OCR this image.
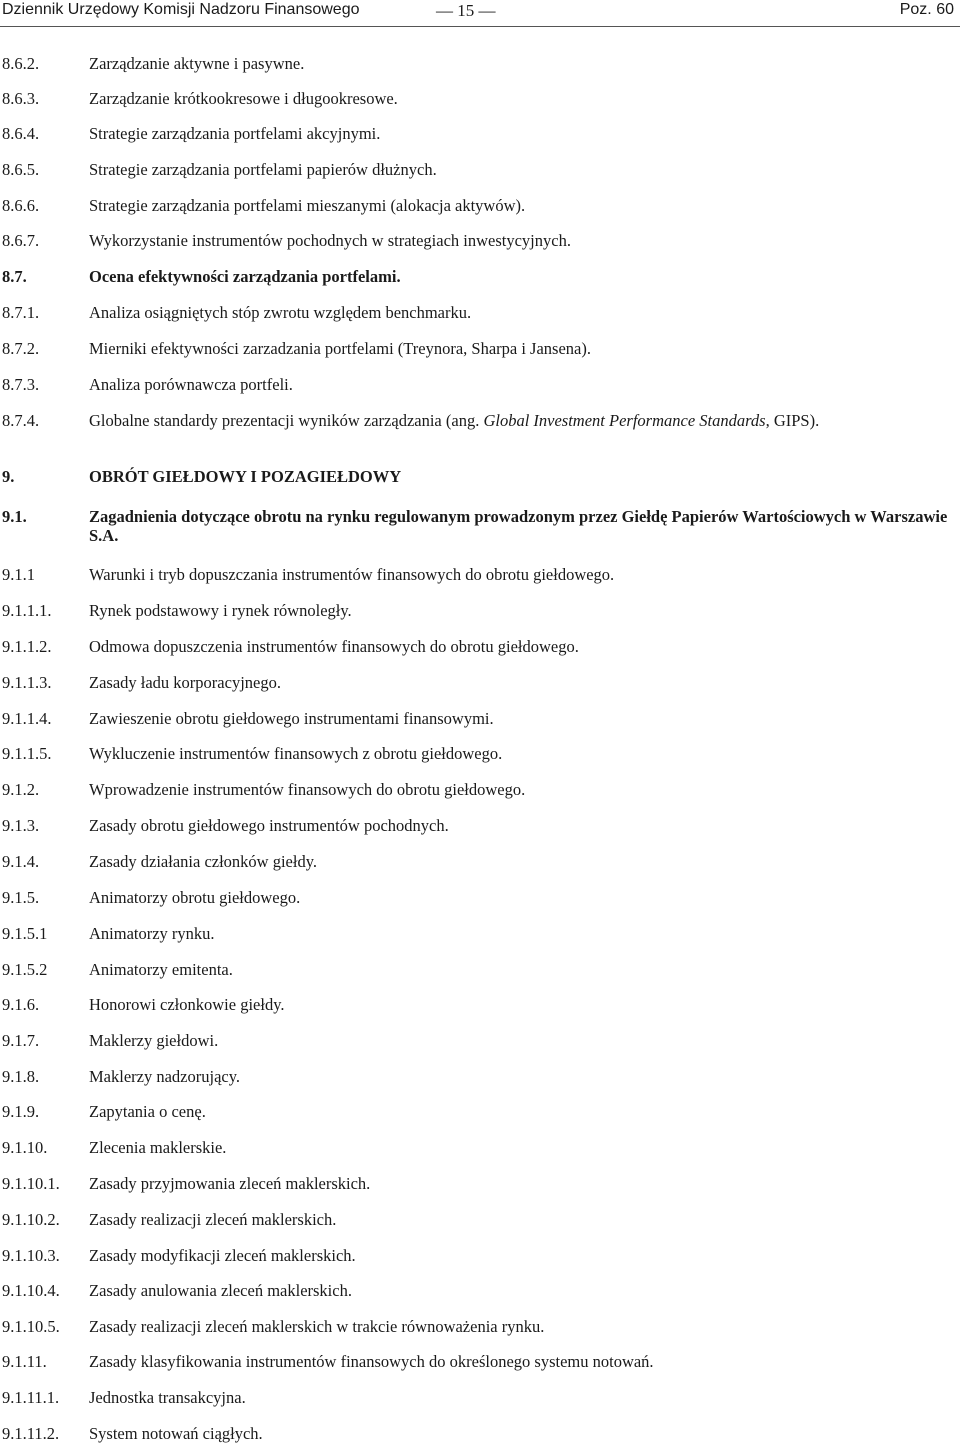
Dziennik Urzędowy Komisji Nadzoru Finansowego	— 15 —	Poz. 60
8.6.2.	Zarządzanie aktywne i pasywne.
8.6.3.	Zarządzanie krótkookresowe i długookresowe.
8.6.4.	Strategie zarządzania portfelami akcyjnymi.
8.6.5.	Strategie zarządzania portfelami papierów dłużnych.
8.6.6.	Strategie zarządzania portfelami mieszanymi (alokacja aktywów).
8.6.7.	Wykorzystanie instrumentów pochodnych w strategiach inwestycyjnych.
8.7.	Ocena efektywności zarządzania portfelami.
8.7.1.	Analiza osiągniętych stóp zwrotu względem benchmarku.
8.7.2.	Mierniki efektywności zarzadzania portfelami (Treynora, Sharpa i Jansena).
8.7.3.	Analiza porównawcza portfeli.
8.7.4.	Globalne standardy prezentacji wyników zarządzania (ang. Global Investment Performance Standards, GIPS).
9.	OBRÓT GIEŁDOWY I POZAGIEŁDOWY
9.1.	Zagadnienia dotyczące obrotu na rynku regulowanym prowadzonym przez Giełdę Papierów Wartościowych w Warszawie S.A.
9.1.1	Warunki i tryb dopuszczania instrumentów finansowych do obrotu giełdowego.
9.1.1.1. Rynek podstawowy i rynek równoległy.
9.1.1.2. Odmowa dopuszczenia instrumentów finansowych do obrotu giełdowego.
9.1.1.3. Zasady ładu korporacyjnego.
9.1.1.4. Zawieszenie obrotu giełdowego instrumentami finansowymi.
9.1.1.5. Wykluczenie instrumentów finansowych z obrotu giełdowego.
9.1.2.	Wprowadzenie instrumentów finansowych do obrotu giełdowego.
9.1.3.	Zasady obrotu giełdowego instrumentów pochodnych.
9.1.4.	Zasady działania członków giełdy.
9.1.5.	Animatorzy obrotu giełdowego.
9.1.5.1	Animatorzy rynku.
9.1.5.2	Animatorzy emitenta.
9.1.6.	Honorowi członkowie giełdy.
9.1.7.	Maklerzy giełdowi.
9.1.8.	Maklerzy nadzorujący.
9.1.9.	Zapytania o cenę.
9.1.10.	Zlecenia maklerskie.
9.1.10.1. Zasady przyjmowania zleceń maklerskich.
9.1.10.2. Zasady realizacji zleceń maklerskich.
9.1.10.3. Zasady modyfikacji zleceń maklerskich.
9.1.10.4. Zasady anulowania zleceń maklerskich.
9.1.10.5. Zasady realizacji zleceń maklerskich w trakcie równoważenia rynku.
9.1.11.	Zasady klasyfikowania instrumentów finansowych do określonego systemu notowań.
9.1.11.1. Jednostka transakcyjna.
9.1.11.2. System notowań ciągłych.
